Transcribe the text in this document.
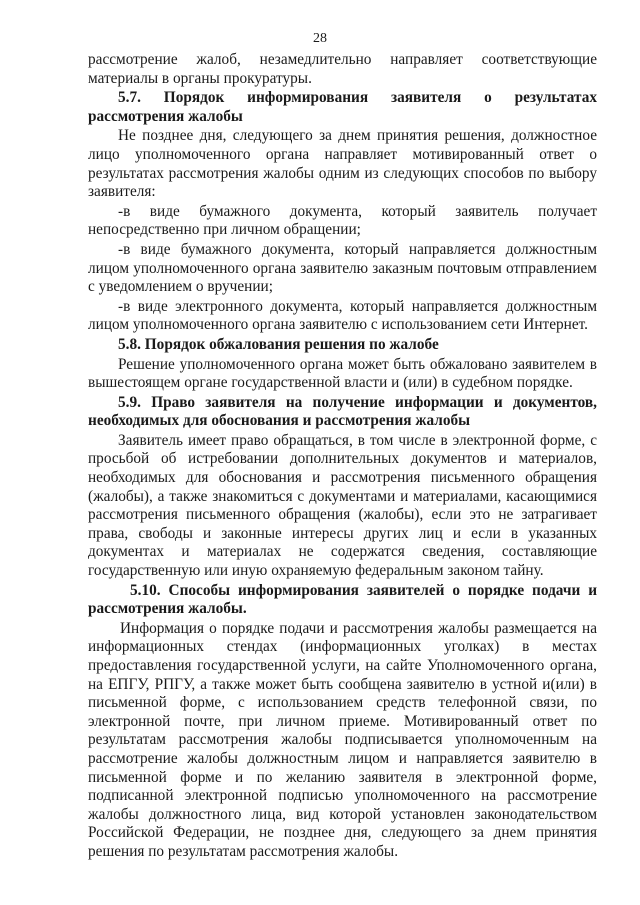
28

рассмотрение жалоб, незамедлительно направляет соответствующие материалы в органы прокуратуры.

5.7. Порядок информирования заявителя о результатах рассмотрения жалобы

Не позднее дня, следующего за днем принятия решения, должностное лицо уполномоченного органа направляет мотивированный ответ о результатах рассмотрения жалобы одним из следующих способов по выбору заявителя:

-в виде бумажного документа, который заявитель получает непосредственно при личном обращении;

-в виде бумажного документа, который направляется должностным лицом уполномоченного органа заявителю заказным почтовым отправлением с уведомлением о вручении;

-в виде электронного документа, который направляется должностным лицом уполномоченного органа заявителю с использованием сети Интернет.

5.8. Порядок обжалования решения по жалобе

Решение уполномоченного органа может быть обжаловано заявителем в вышестоящем органе государственной власти и (или) в судебном порядке.

5.9. Право заявителя на получение информации и документов, необходимых для обоснования и рассмотрения жалобы

Заявитель имеет право обращаться, в том числе в электронной форме, с просьбой об истребовании дополнительных документов и материалов, необходимых для обоснования и рассмотрения письменного обращения (жалобы), а также знакомиться с документами и материалами, касающимися рассмотрения письменного обращения (жалобы), если это не затрагивает права, свободы и законные интересы других лиц и если в указанных документах и материалах не содержатся сведения, составляющие государственную или иную охраняемую федеральным законом тайну.

5.10. Способы информирования заявителей о порядке подачи и рассмотрения жалобы.

Информация о порядке подачи и рассмотрения жалобы размещается на информационных стендах (информационных уголках) в местах предоставления государственной услуги, на сайте Уполномоченного органа, на ЕПГУ, РПГУ, а также может быть сообщена заявителю в устной и(или) в письменной форме, с использованием средств телефонной связи, по электронной почте, при личном приеме. Мотивированный ответ по результатам рассмотрения жалобы подписывается уполномоченным на рассмотрение жалобы должностным лицом и направляется заявителю в письменной форме и по желанию заявителя в электронной форме, подписанной электронной подписью уполномоченного на рассмотрение жалобы должностного лица, вид которой установлен законодательством Российской Федерации, не позднее дня, следующего за днем принятия решения по результатам рассмотрения жалобы.
